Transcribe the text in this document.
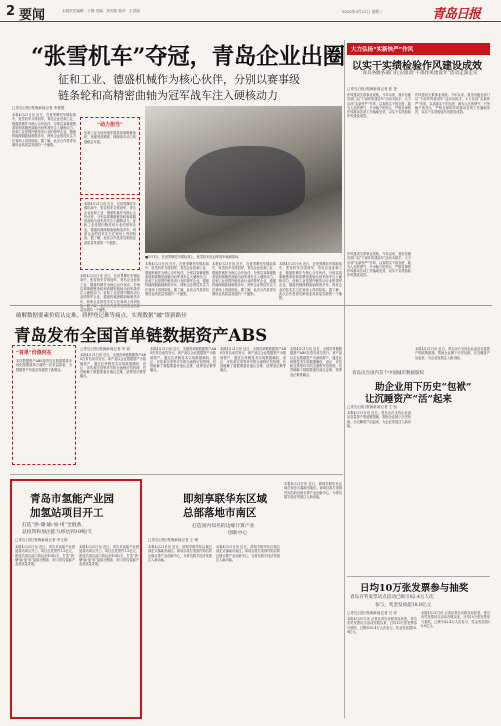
2 要闻	本版责任编辑：于静 美编：刘光路 校对：王洪丽	2020年4月22日 星期三	青岛日报
“张雪机车”夺冠，青岛企业出圈
征和工业、德盛机械作为核心伙伴，分别以赛事级
链条轮和高精密曲轴为冠军战车注入硬核动力
□青岛日报/观海新闻记者 李慧慧
本报4月21日讯 近日，在世界摩托车锦标赛中，张雪机车夺得冠军，青岛企业征和工业、德盛机械作为核心合作伙伴，分别以赛事级链条轮和高精密曲轴为冠军战车注入硬核动力。征和工业是国内链传动行业的领军企业，德盛机械深耕曲轴制造多年，两家企业的技术实力在赛场上得到检验。据了解，此次合作是青岛制造业高质量发展的一个缩影。
“动力担当”
征和工业为冠军战车提供赛事级链条轮，高强度高精度，保障赛车动力传递稳定可靠。
本报4月21日讯 近日，在世界摩托车锦标赛中，张雪机车夺得冠军，青岛企业征和工业、德盛机械作为核心合作伙伴，分别以赛事级链条轮和高精密曲轴为冠军战车注入硬核动力。征和工业是国内链传动行业的领军企业，德盛机械深耕曲轴制造多年，两家企业的技术实力在赛场上得到检验。据了解，此次合作是青岛制造业高质量发展的一个缩影。
本报4月21日讯 近日，在世界摩托车锦标赛中，张雪机车夺得冠军，青岛企业征和工业、德盛机械作为核心合作伙伴，分别以赛事级链条轮和高精密曲轴为冠军战车注入硬核动力。征和工业是国内链传动行业的领军企业，德盛机械深耕曲轴制造多年，两家企业的技术实力在赛场上得到检验。据了解，此次合作是青岛制造业高质量发展的一个缩影。
■1月1日，在世界摩托车锦标赛上，张雪机车队冠军赛车驰骋赛场。
本报4月21日讯 近日，在世界摩托车锦标赛中，张雪机车夺得冠军，青岛企业征和工业、德盛机械作为核心合作伙伴，分别以赛事级链条轮和高精密曲轴为冠军战车注入硬核动力。征和工业是国内链传动行业的领军企业，德盛机械深耕曲轴制造多年，两家企业的技术实力在赛场上得到检验。据了解，此次合作是青岛制造业高质量发展的一个缩影。
本报4月21日讯 近日，在世界摩托车锦标赛中，张雪机车夺得冠军，青岛企业征和工业、德盛机械作为核心合作伙伴，分别以赛事级链条轮和高精密曲轴为冠军战车注入硬核动力。征和工业是国内链传动行业的领军企业，德盛机械深耕曲轴制造多年，两家企业的技术实力在赛场上得到检验。据了解，此次合作是青岛制造业高质量发展的一个缩影。
本报4月21日讯 近日，在世界摩托车锦标赛中，张雪机车夺得冠军，青岛企业征和工业、德盛机械作为核心合作伙伴，分别以赛事级链条轮和高精密曲轴为冠军战车注入硬核动力。征和工业是国内链传动行业的领军企业，德盛机械深耕曲轴制造多年，两家企业的技术实力在赛场上得到检验。据了解，此次合作是青岛制造业高质量发展的一个缩影。
大力弘扬“实新快严”作风
以实干实绩检验作风建设成效
青岛各级各部门扎实推动“干部作风建设年”活动走深走实
□青岛日报/观海新闻记者 张 荟
作风建设关系事业成败。今年以来，我市各级各部门以“干部作风建设年”活动为抓手，大力弘扬“实新快严”作风，以真抓实干的态度、敢为人先的勇气、只争朝夕的劲头、严格自律的作风推动各项工作落地见效，以实干实绩检验作风建设成效。
作风建设关系事业成败。今年以来，我市各级各部门以“干部作风建设年”活动为抓手，大力弘扬“实新快严”作风，以真抓实干的态度、敢为人先的勇气、只争朝夕的劲头、严格自律的作风推动各项工作落地见效，以实干实绩检验作风建设成效。
作风建设关系事业成败。今年以来，我市各级各部门以“干部作风建设年”活动为抓手，大力弘扬“实新快严”作风，以真抓实干的态度、敢为人先的勇气、只争朝夕的劲头、严格自律的作风推动各项工作落地见效，以实干实绩检验作风建设成效。
破解数据要素价值认定难、质押登记难等痛点，实现数据“融”资新路径
青岛发布全国首单链数据资产ABS
“首单”价值何在
本次数据资产ABS是青岛在数据要素市场化配置改革方面的一次有益探索，为数据资产价值实现提供了新路径。
□青岛日报/观海新闻记者 李 斌
本报4月21日讯 近日，全国首单链数据资产ABS在青岛成功发行。该产品以企业数据资产为基础资产，通过区块链技术实现数据确权、登记、评估和交易等环节的全流程可信管理，有效破解了数据要素价值认定难、质押登记难等痛点。
本报4月21日讯 近日，全国首单链数据资产ABS在青岛成功发行。该产品以企业数据资产为基础资产，通过区块链技术实现数据确权、登记、评估和交易等环节的全流程可信管理，有效破解了数据要素价值认定难、质押登记难等痛点。
本报4月21日讯 近日，全国首单链数据资产ABS在青岛成功发行。该产品以企业数据资产为基础资产，通过区块链技术实现数据确权、登记、评估和交易等环节的全流程可信管理，有效破解了数据要素价值认定难、质押登记难等痛点。
本报4月21日讯 近日，全国首单链数据资产ABS在青岛成功发行。该产品以企业数据资产为基础资产，通过区块链技术实现数据确权、登记、评估和交易等环节的全流程可信管理，有效破解了数据要素价值认定难、质押登记难等痛点。	青岛出台国内首个中国城市数据版权
助企业用下历史“包袱”
让沉睡资产“活”起来
□青岛日报/观海新闻记者 王 凯
本报4月21日讯 近日，青岛出台支持企业盘活存量资产的政策措施，帮助企业卸下历史包袱，让沉睡资产活起来，为企业发展注入新动能。
本报4月21日讯 近日，青岛出台支持企业盘活存量资产的政策措施，帮助企业卸下历史包袱，让沉睡资产活起来，为企业发展注入新动能。
青岛市氢能产业园
加氢站项目开工
打造“供-储-输-加-用”全链条，
总投资和加注能力将达到10吨/天
□青岛日报/观海新闻记者 李文瑞
本报4月21日讯 近日，青岛市氢能产业园加氢站项目开工。项目总投资约1.5亿元，建成后加注能力将达到10吨/天，打造“供-储-输-加-用”氢能全链条，助力青岛氢能产业高质量发展。
本报4月21日讯 近日，青岛市氢能产业园加氢站项目开工。项目总投资约1.5亿元，建成后加注能力将达到10吨/天，打造“供-储-输-加-用”氢能全链条，助力青岛氢能产业高质量发展。
即刻享联华东区域
总部落地市南区
打造国内知名的边缘计算产业
创新中心
□青岛日报/观海新闻记者 王 琳
本报4月21日讯 近日，即刻享联华东区域总部正式落地市南区。该项目将打造国内知名的边缘计算产业创新中心，为青岛数字经济发展注入新动能。
本报4月21日讯 近日，即刻享联华东区域总部正式落地市南区。该项目将打造国内知名的边缘计算产业创新中心，为青岛数字经济发展注入新动能。
本报4月21日讯 近日，即刻享联华东区域总部正式落地市南区。该项目将打造国内知名的边缘计算产业创新中心，为青岛数字经济发展注入新动能。
日均10万张发票参与抽奖
青岛有奖发票试点活动已吸引82.4万人次
参与，奖金发放超18.8亿元
□青岛日报/观海新闻记者 吕 萍
本报4月21日讯 记者从青岛市税务局获悉，青岛有奖发票试点活动开展以来，日均10万张发票参与抽奖，已吸引82.4万人次参与，奖金发放超18.8亿元。
本报4月21日讯 记者从青岛市税务局获悉，青岛有奖发票试点活动开展以来，日均10万张发票参与抽奖，已吸引82.4万人次参与，奖金发放超18.8亿元。
